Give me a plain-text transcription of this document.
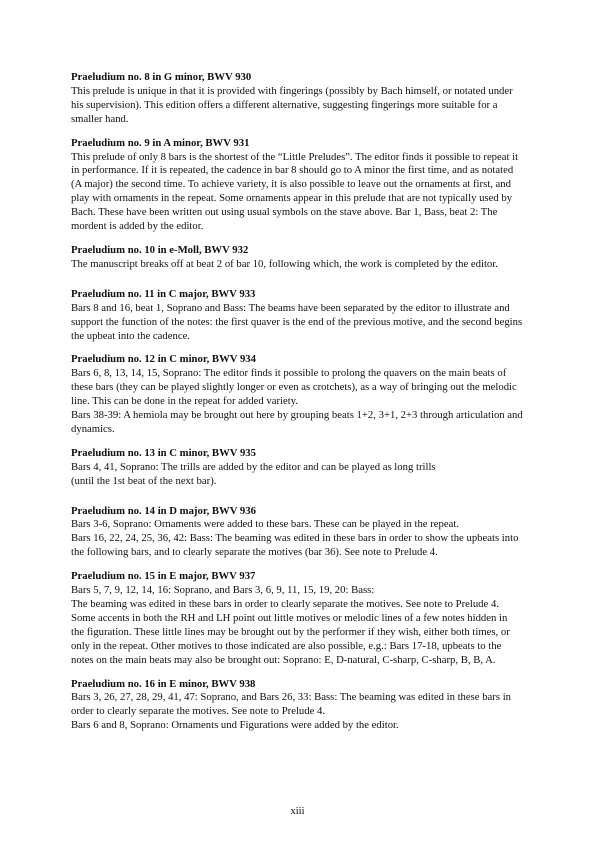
Praeludium no. 8 in G minor, BWV 930
This prelude is unique in that it is provided with fingerings (possibly by Bach himself, or notated under his supervision). This edition offers a different alternative, suggesting fingerings more suitable for a smaller hand.
Praeludium no. 9 in A minor, BWV 931
This prelude of only 8 bars is the shortest of the “Little Preludes”. The editor finds it possible to repeat it in performance. If it is repeated, the cadence in bar 8 should go to A minor the first time, and as notated (A major) the second time. To achieve variety, it is also possible to leave out the ornaments at first, and play with ornaments in the repeat. Some ornaments appear in this prelude that are not typically used by Bach. These have been written out using usual symbols on the stave above. Bar 1, Bass, beat 2: The mordent is added by the editor.
Praeludium no. 10 in e-Moll, BWV 932
The manuscript breaks off at beat 2 of bar 10, following which, the work is completed by the editor.
Praeludium no. 11 in C major, BWV 933
Bars 8 and 16, beat 1, Soprano and Bass: The beams have been separated by the editor to illustrate and support the function of the notes: the first quaver is the end of the previous motive, and the second begins the upbeat into the cadence.
Praeludium no. 12 in C minor, BWV 934
Bars 6, 8, 13, 14, 15, Soprano: The editor finds it possible to prolong the quavers on the main beats of these bars (they can be played slightly longer or even as crotchets), as a way of bringing out the melodic line. This can be done in the repeat for added variety.
Bars 38-39: A hemiola may be brought out here by grouping beats 1+2, 3+1, 2+3 through articulation and dynamics.
Praeludium no. 13 in C minor, BWV 935
Bars 4, 41, Soprano: The trills are added by the editor and can be played as long trills
(until the 1st beat of the next bar).
Praeludium no. 14 in D major, BWV 936
Bars 3-6, Soprano: Ornaments were added to these bars. These can be played in the repeat.
Bars 16, 22, 24, 25, 36, 42: Bass: The beaming was edited in these bars in order to show the upbeats into the following bars, and to clearly separate the motives (bar 36). See note to Prelude 4.
Praeludium no. 15 in E major, BWV 937
Bars 5, 7, 9, 12, 14, 16: Soprano, and Bars 3, 6, 9, 11, 15, 19, 20: Bass:
The beaming was edited in these bars in order to clearly separate the motives. See note to Prelude 4.
Some accents in both the RH and LH point out little motives or melodic lines of a few notes hidden in the figuration. These little lines may be brought out by the performer if they wish, either both times, or only in the repeat. Other motives to those indicated are also possible, e.g.: Bars 17-18, upbeats to the notes on the main beats may also be brought out: Soprano: E, D-natural, C-sharp, C-sharp, B, B, A.
Praeludium no. 16 in E minor, BWV 938
Bars 3, 26, 27, 28, 29, 41, 47: Soprano, and Bars 26, 33: Bass: The beaming was edited in these bars in order to clearly separate the motives. See note to Prelude 4.
Bars 6 and 8, Soprano: Ornaments und Figurations were added by the editor.
xiii
